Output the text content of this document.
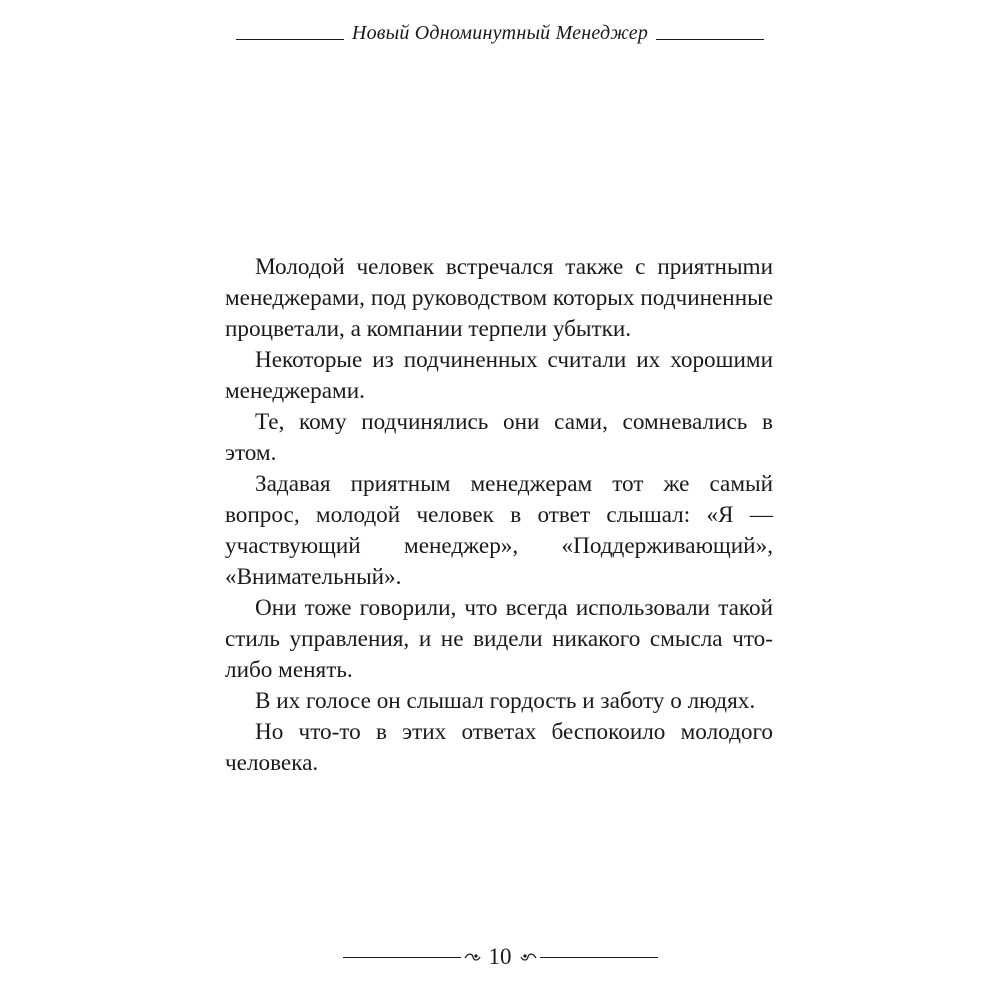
Новый Одноминутный Менеджер

Молодой человек встречался также с приятныmи менеджерами, под руководством которых подчиненные процветали, а компании терпели убытки.

Некоторые из подчиненных считали их хорошими менеджерами.

Те, кому подчинялись они сами, сомневались в этом.

Задавая приятным менеджерам тот же самый вопрос, молодой человек в ответ слышал: «Я — участвующий менеджер», «Поддерживающий», «Внимательный».

Они тоже говорили, что всегда использовали такой стиль управления, и не видели никакого смысла что-либо менять.

В их голосе он слышал гордость и заботу о людях.

Но что-то в этих ответах беспокоило молодого человека.

10
